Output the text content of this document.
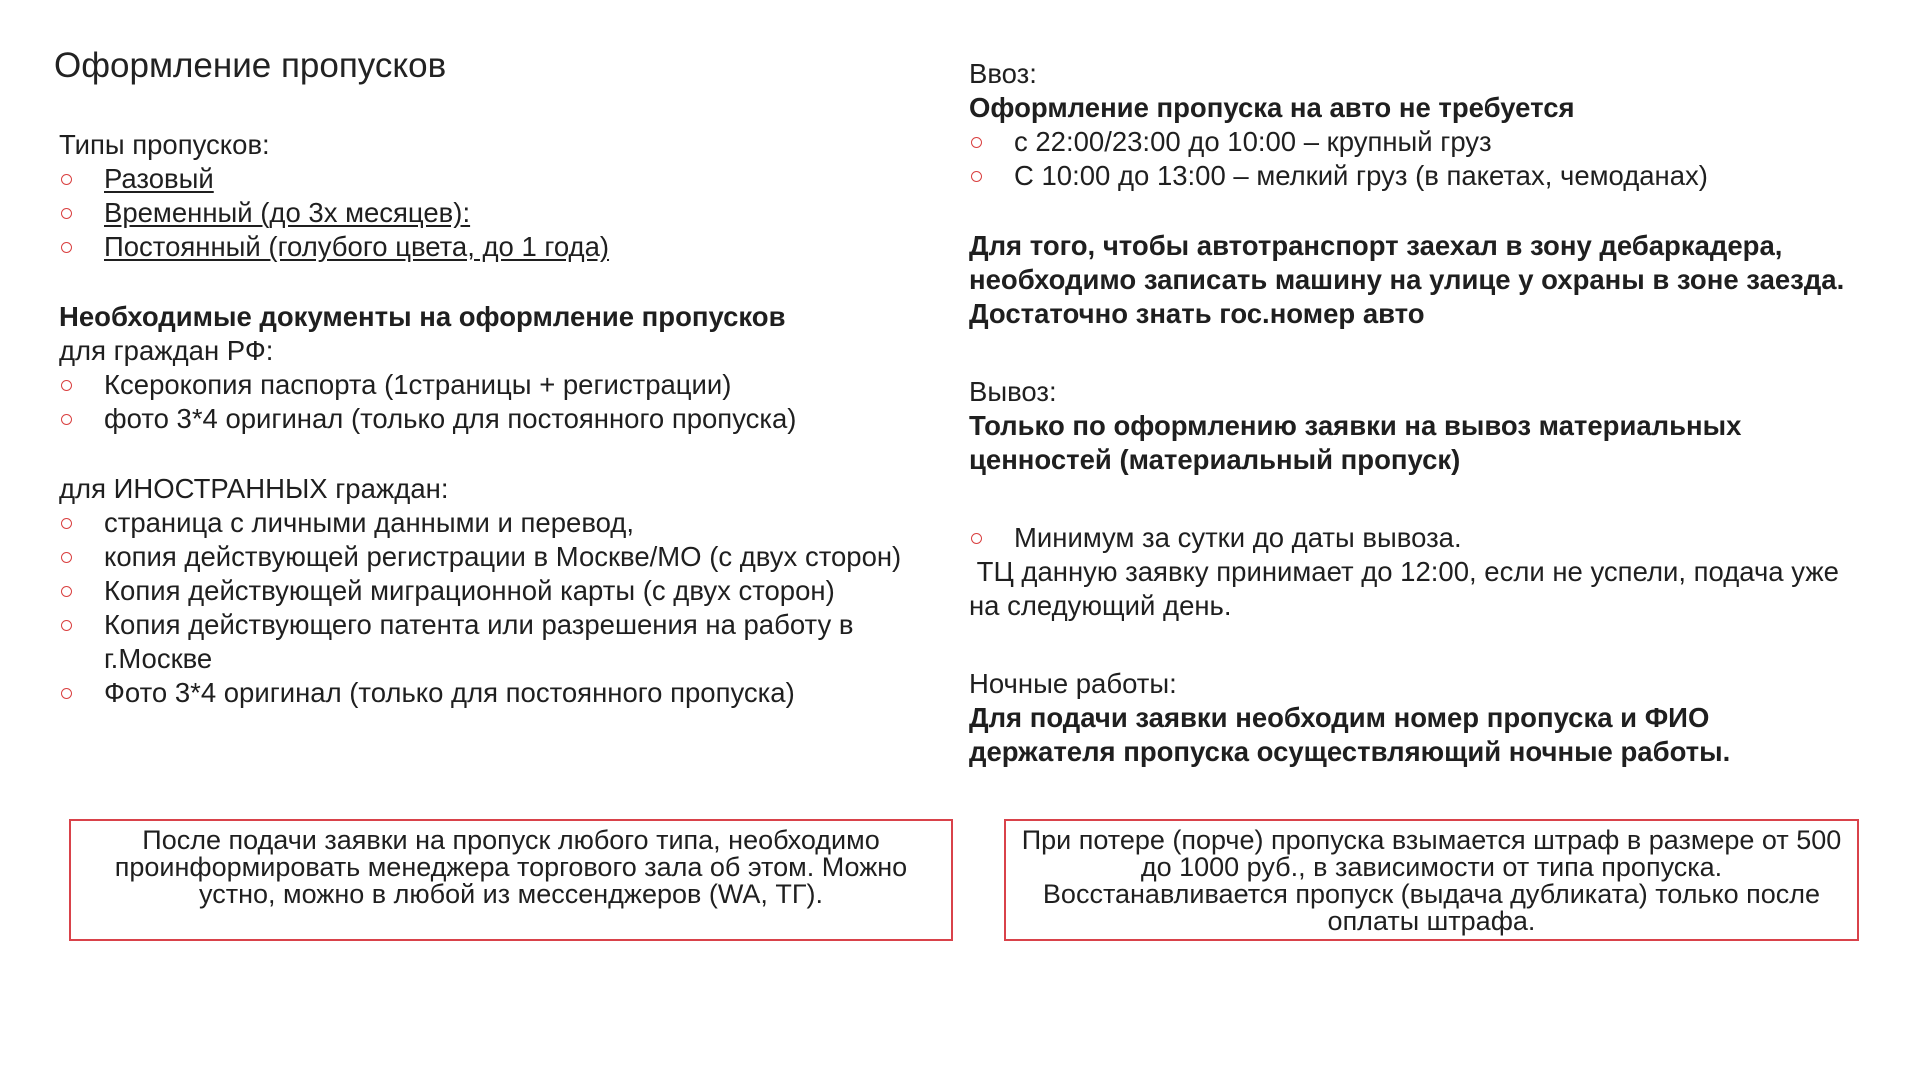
Оформление пропусков

Типы пропусков:

Разовый
Временный (до 3х месяцев):
Постоянный (голубого цвета, до 1 года)

Необходимые документы на оформление пропусков

для граждан РФ:

Ксерокопия паспорта (1страницы + регистрации)
фото 3*4 оригинал (только для постоянного пропуска)

для ИНОСТРАННЫХ граждан:

страница с личными данными и перевод,
копия действующей регистрации в Москве/МО (с двух сторон)
Копия действующей миграционной карты (с двух сторон)
Копия действующего патента или разрешения на работу в г.Москве
Фото 3*4 оригинал (только для постоянного пропуска)

Ввоз:

Оформление пропуска на авто не требуется

с 22:00/23:00 до 10:00 – крупный груз
С 10:00 до 13:00 – мелкий груз (в пакетах, чемоданах)

Для того, чтобы автотранспорт заехал в зону дебаркадера, необходимо записать машину на улице у охраны в зоне заезда. Достаточно знать гос.номер авто

Вывоз:

Только по оформлению заявки на вывоз материальных ценностей (материальный пропуск)

Минимум за сутки до даты вывоза.

ТЦ данную заявку принимает до 12:00, если не успели, подача уже на следующий день.

Ночные работы:

Для подачи заявки необходим номер пропуска и ФИО держателя пропуска осуществляющий ночные работы.

После подачи заявки на пропуск любого типа, необходимо проинформировать менеджера торгового зала об этом. Можно устно, можно в любой из мессенджеров (WA, ТГ).
При потере (порче) пропуска взымается штраф в размере от 500 до 1000 руб., в зависимости от типа пропуска. Восстанавливается пропуск (выдача дубликата) только после оплаты штрафа.
